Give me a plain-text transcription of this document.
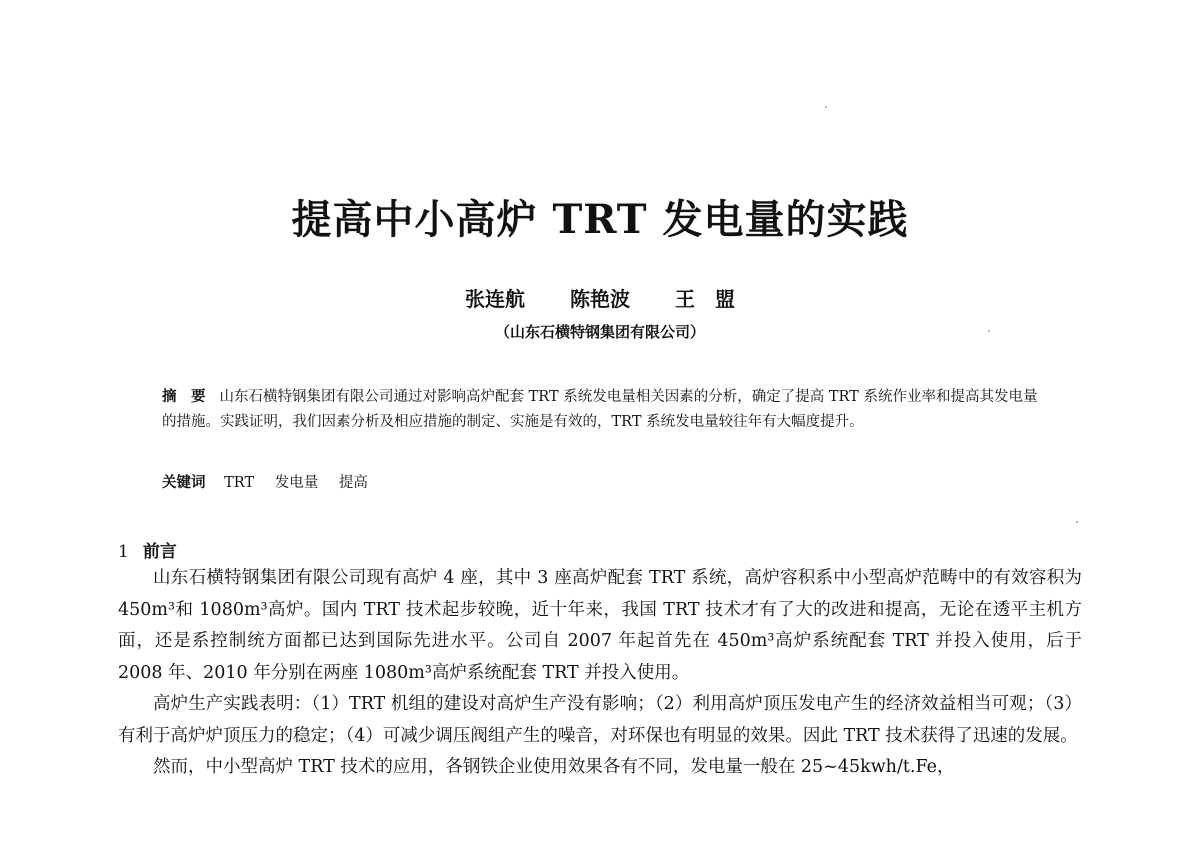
提高中小高炉 TRT 发电量的实践
张连航 陈艳波 王　盟
（山东石横特钢集团有限公司）
摘　要 山东石横特钢集团有限公司通过对影响高炉配套 TRT 系统发电量相关因素的分析，确定了提高 TRT 系统作业率和提高其发电量的措施。实践证明，我们因素分析及相应措施的制定、实施是有效的，TRT 系统发电量较往年有大幅度提升。
关键词 TRT 发电量 提高
1 前言

山东石横特钢集团有限公司现有高炉 4 座，其中 3 座高炉配套 TRT 系统，高炉容积系中小型高炉范畴中的有效容积为 450m³和 1080m³高炉。国内 TRT 技术起步较晚，近十年来，我国 TRT 技术才有了大的改进和提高，无论在透平主机方面，还是系控制统方面都已达到国际先进水平。公司自 2007 年起首先在 450m³高炉系统配套 TRT 并投入使用，后于 2008 年、2010 年分别在两座 1080m³高炉系统配套 TRT 并投入使用。

高炉生产实践表明：（1）TRT 机组的建设对高炉生产没有影响；（2）利用高炉顶压发电产生的经济效益相当可观；（3）有利于高炉炉顶压力的稳定；（4）可减少调压阀组产生的噪音，对环保也有明显的效果。因此 TRT 技术获得了迅速的发展。

然而，中小型高炉 TRT 技术的应用，各钢铁企业使用效果各有不同，发电量一般在 25~45kwh/t.Fe，
